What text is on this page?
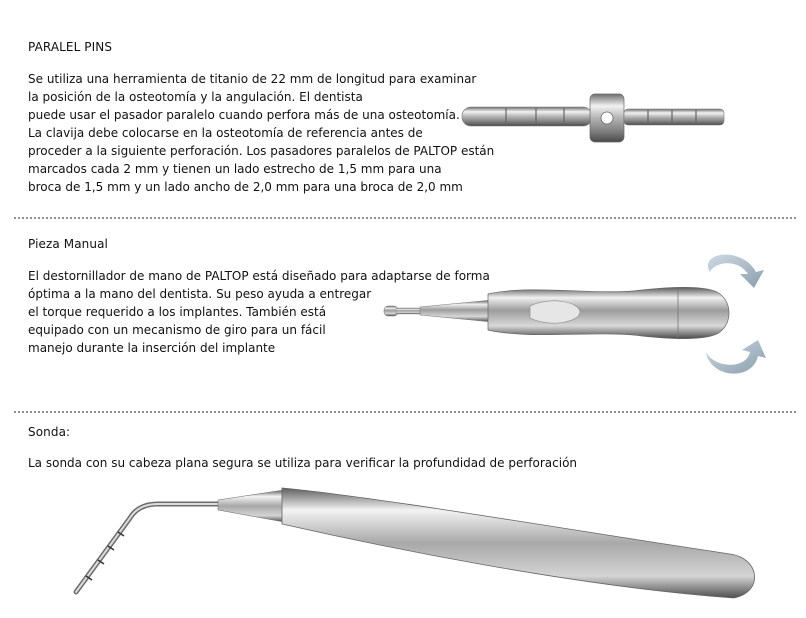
PARALEL PINS
Se utiliza una herramienta de titanio de 22 mm de longitud para examinar
la posición de la osteotomía y la angulación. El dentista
puede usar el pasador paralelo cuando perfora más de una osteotomía.
La clavija debe colocarse en la osteotomía de referencia antes de
proceder a la siguiente perforación. Los pasadores paralelos de PALTOP están
marcados cada 2 mm y tienen un lado estrecho de 1,5 mm para una
broca de 1,5 mm y un lado ancho de 2,0 mm para una broca de 2,0 mm
Pieza Manual
El destornillador de mano de PALTOP está diseñado para adaptarse de forma
óptima a la mano del dentista. Su peso ayuda a entregar
el torque requerido a los implantes. También está
equipado con un mecanismo de giro para un fácil
manejo durante la inserción del implante
Sonda:
La sonda con su cabeza plana segura se utiliza para verificar la profundidad de perforación
